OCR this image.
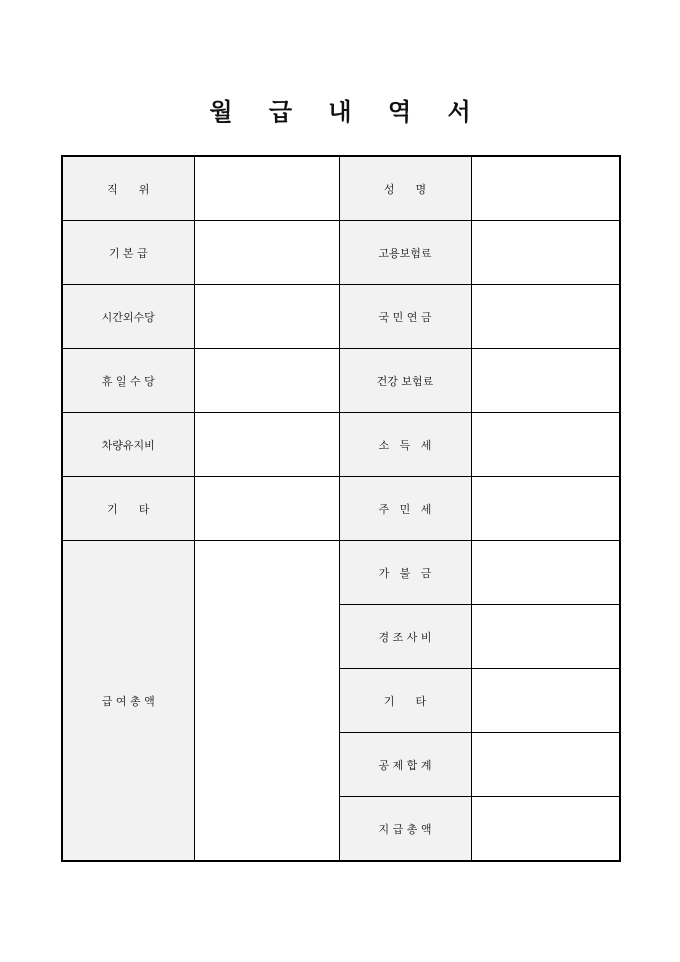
월 급 내 역 서
직      위		성      명	
기 본 급		고용보험료	
시간외수당		국 민 연 금	
휴 일 수 당		건강 보험료	
차량유지비		소   득   세	
기      타		주   민   세	
급 여 총 액		가   불   금	
		경 조 사 비	
		기      타	
		공 제 합 계	
		지 급 총 액	
